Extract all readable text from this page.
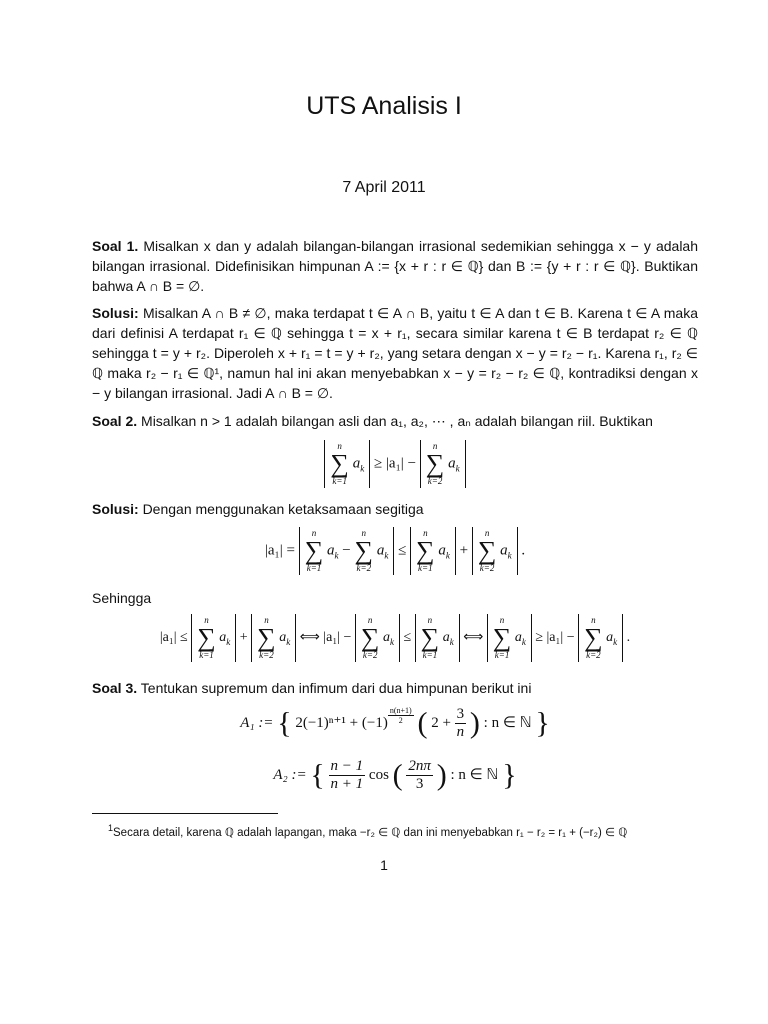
UTS Analisis I
7 April 2011

Soal 1. Misalkan x dan y adalah bilangan-bilangan irrasional sedemikian sehingga x − y adalah bilangan irrasional. Didefinisikan himpunan A := {x + r : r ∈ ℚ} dan B := {y + r : r ∈ ℚ}. Buktikan bahwa A ∩ B = ∅.

Solusi: Misalkan A ∩ B ≠ ∅, maka terdapat t ∈ A ∩ B, yaitu t ∈ A dan t ∈ B. Karena t ∈ A maka dari definisi A terdapat r₁ ∈ ℚ sehingga t = x + r₁, secara similar karena t ∈ B terdapat r₂ ∈ ℚ sehingga t = y + r₂. Diperoleh x + r₁ = t = y + r₂, yang setara dengan x − y = r₂ − r₁. Karena r₁, r₂ ∈ ℚ maka r₂ − r₁ ∈ ℚ¹, namun hal ini akan menyebabkan x − y = r₂ − r₂ ∈ ℚ, kontradiksi dengan x − y bilangan irrasional. Jadi A ∩ B = ∅.

Soal 2. Misalkan n > 1 adalah bilangan asli dan a₁, a₂, ⋯ , aₙ adalah bilangan riil. Buktikan

n
∑
k=1
$a_k \ge |a_1|$ −
n
∑
k=2
$a_k$

Solusi: Dengan menggunakan ketaksamaan segitiga

|a₁| =
n
∑
k=1
$a_k$ −
n
∑
k=2
$a_k$ ≤
n
∑
k=1
$a_k$ +
n
∑
k=2
$a_k$ .

Sehingga

|a₁| ≤
n
∑
k=1
$a_k$ +
n
∑
k=2
$a_k$ ⟺ |a₁| −
n
∑
k=2
$a_k$ ≤
n
∑
k=1
$a_k$ ⟺
n
∑
k=1
$a_k \ge |a_1|$ −
n
∑
k=2
$a_k$ .

Soal 3. Tentukan supremum dan infimum dari dua himpunan berikut ini

A₁ := { 2(−1)ⁿ⁺¹ + (−1) $^{\frac{n(n+1)}{2}}$ ( $2 + \frac{3}{n}$ ) : n ∈ ℕ }
A₂ := { $\frac{n - 1}{n + 1}$ cos ( $\frac{2n\pi}{3}$ ) : n ∈ ℕ }
$^1$Secara detail, karena ℚ adalah lapangan, maka −r₂ ∈ ℚ dan ini menyebabkan r₁ − r₂ = r₁ + (−r₂) ∈ ℚ
1
